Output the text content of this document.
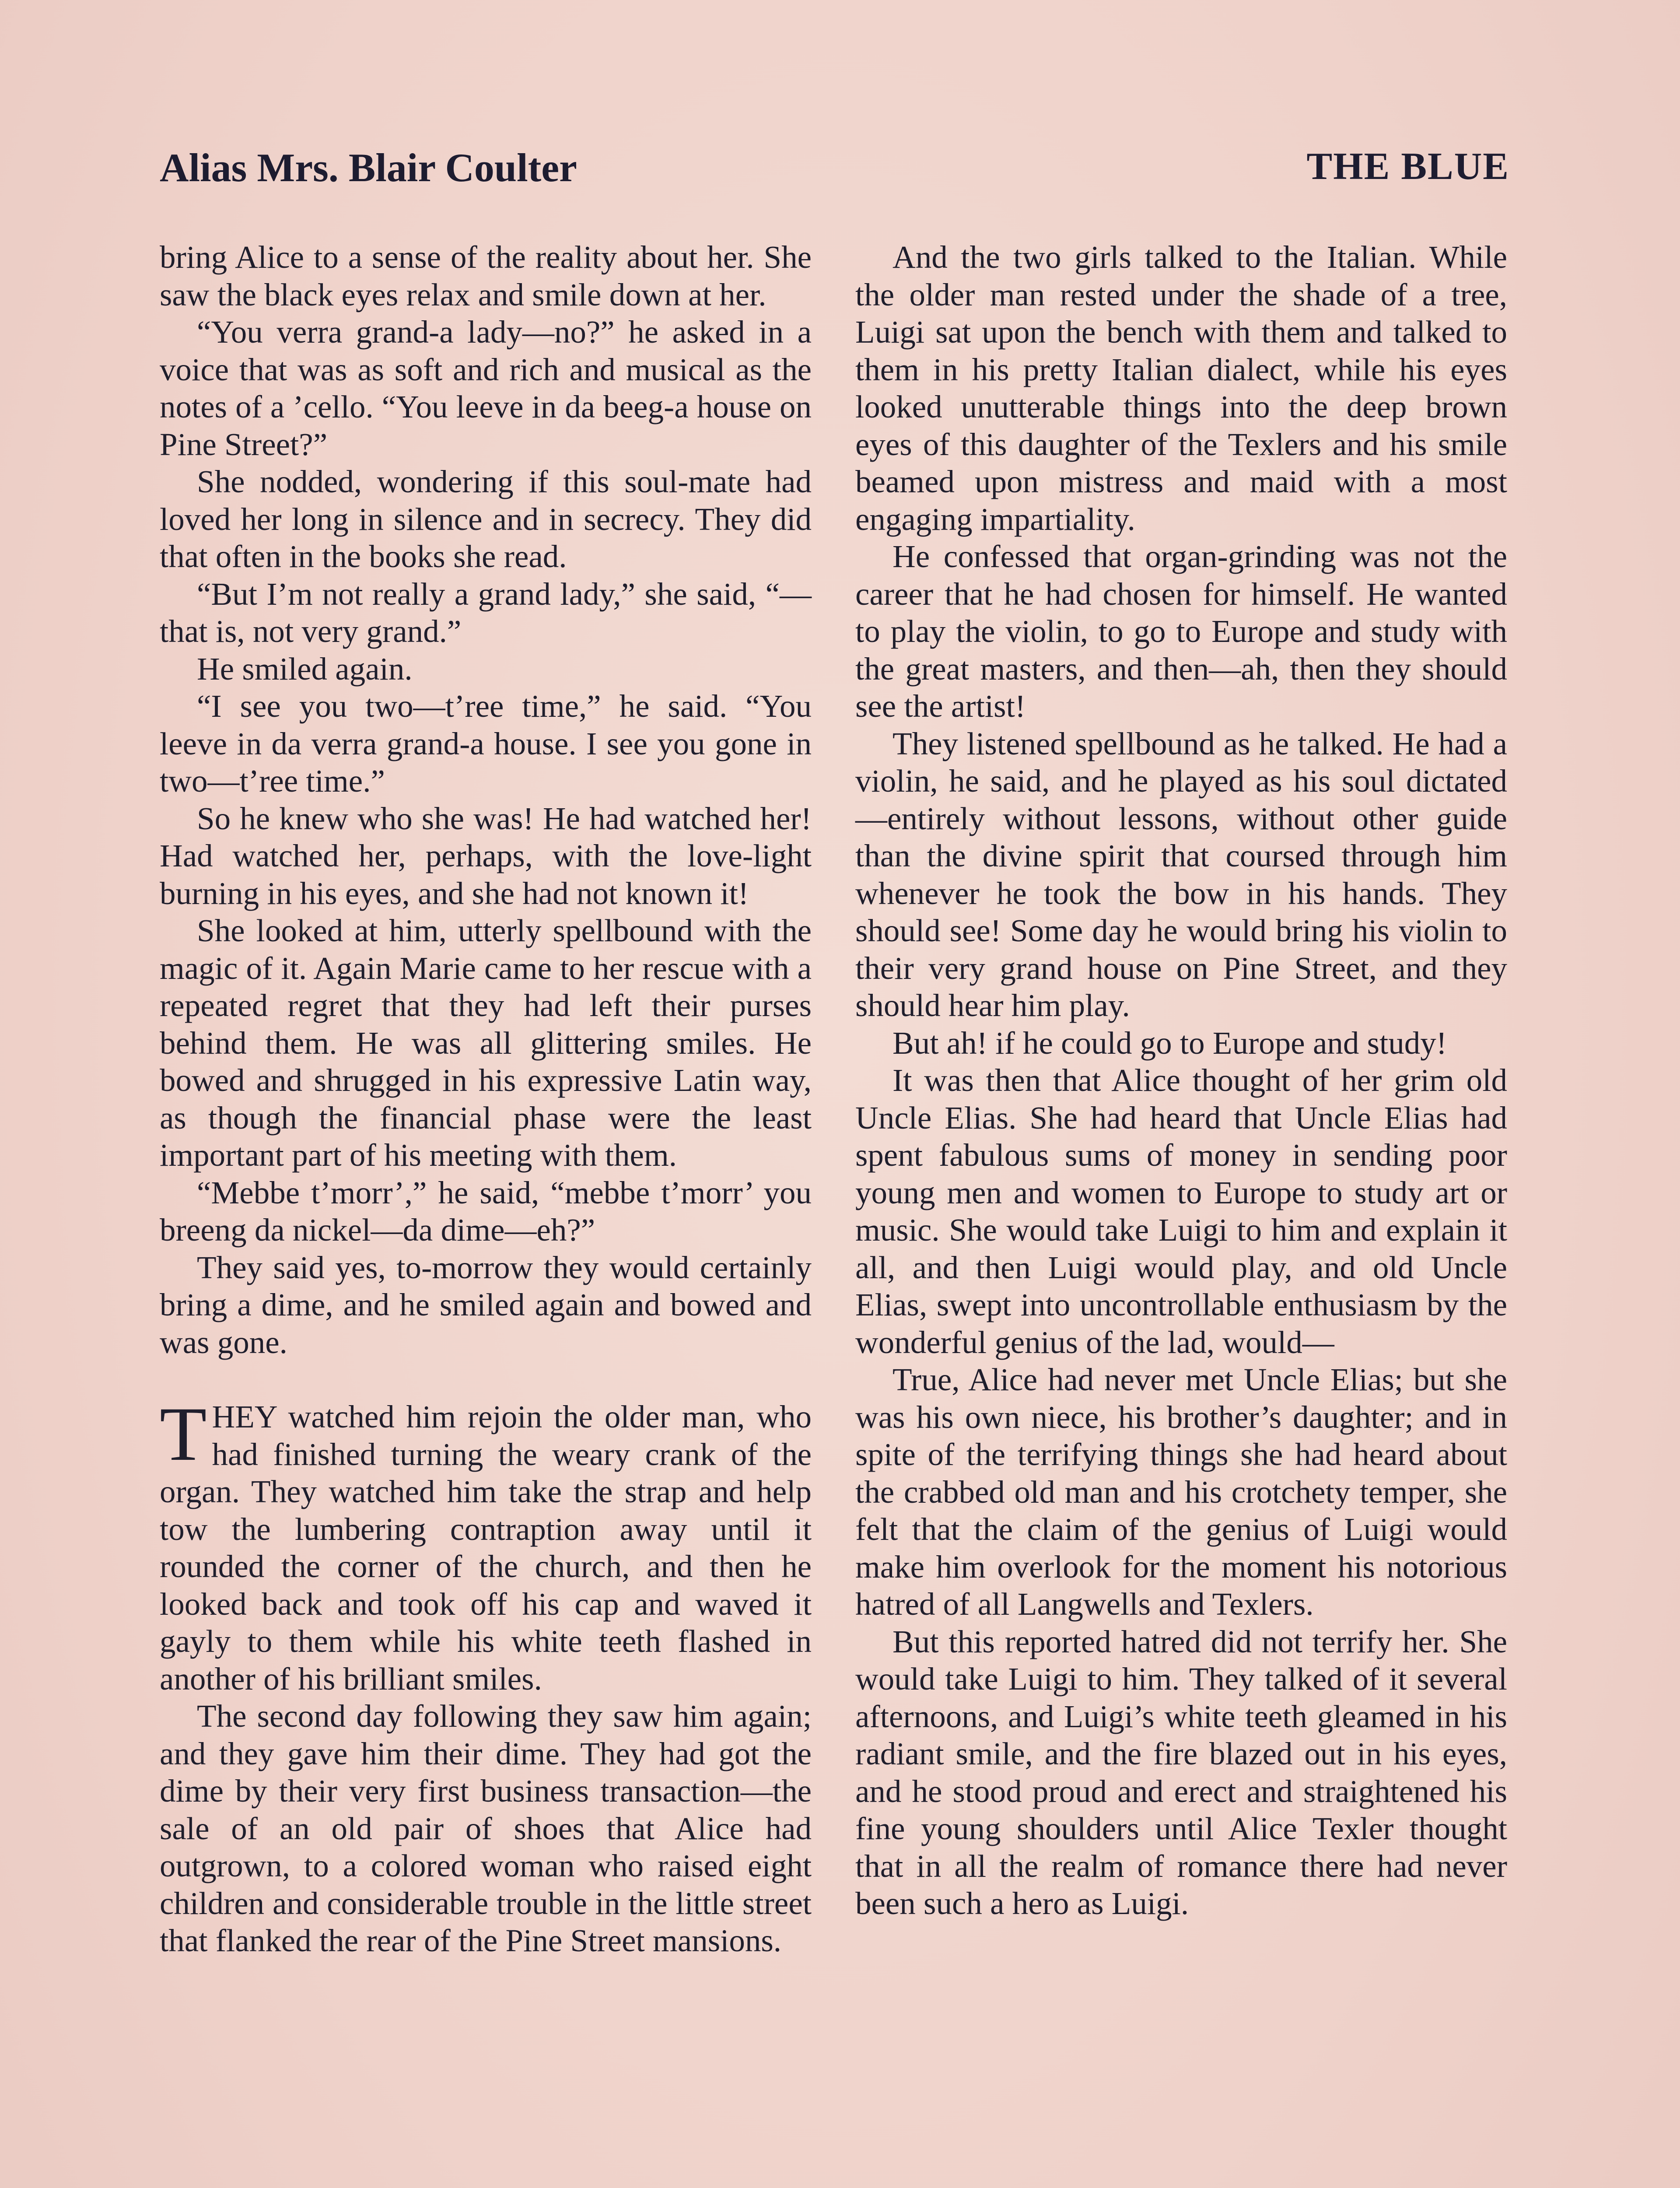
Alias Mrs. Blair Coulter	THE BLUE

bring Alice to a sense of the reality about her. She saw the black eyes relax and smile down at her.

“You verra grand-a lady—no?” he asked in a voice that was as soft and rich and musical as the notes of a ’cello. “You leeve in da beeg-a house on Pine Street?”

She nodded, wondering if this soul-mate had loved her long in silence and in secrecy. They did that often in the books she read.

“But I’m not really a grand lady,” she said, “—that is, not very grand.”

He smiled again.

“I see you two—t’ree time,” he said. “You leeve in da verra grand-a house. I see you gone in two—t’ree time.”

So he knew who she was! He had watched her! Had watched her, perhaps, with the love-light burning in his eyes, and she had not known it!

She looked at him, utterly spellbound with the magic of it. Again Marie came to her rescue with a repeated regret that they had left their purses behind them. He was all glittering smiles. He bowed and shrugged in his expressive Latin way, as though the financial phase were the least important part of his meeting with them.

“Mebbe t’morr’,” he said, “mebbe t’morr’ you breeng da nickel—da dime—eh?”

They said yes, to-morrow they would certainly bring a dime, and he smiled again and bowed and was gone.

THEY watched him rejoin the older man, who had finished turning the weary crank of the organ. They watched him take the strap and help tow the lumbering contraption away until it rounded the corner of the church, and then he looked back and took off his cap and waved it gayly to them while his white teeth flashed in another of his brilliant smiles.

The second day following they saw him again; and they gave him their dime. They had got the dime by their very first business transaction—the sale of an old pair of shoes that Alice had outgrown, to a colored woman who raised eight children and considerable trouble in the little street that flanked the rear of the Pine Street mansions.

And the two girls talked to the Italian. While the older man rested under the shade of a tree, Luigi sat upon the bench with them and talked to them in his pretty Italian dialect, while his eyes looked unutterable things into the deep brown eyes of this daughter of the Texlers and his smile beamed upon mistress and maid with a most engaging impartiality.

He confessed that organ-grinding was not the career that he had chosen for himself. He wanted to play the violin, to go to Europe and study with the great masters, and then—ah, then they should see the artist!

They listened spellbound as he talked. He had a violin, he said, and he played as his soul dictated—entirely without lessons, without other guide than the divine spirit that coursed through him whenever he took the bow in his hands. They should see! Some day he would bring his violin to their very grand house on Pine Street, and they should hear him play.

But ah! if he could go to Europe and study!

It was then that Alice thought of her grim old Uncle Elias. She had heard that Uncle Elias had spent fabulous sums of money in sending poor young men and women to Europe to study art or music. She would take Luigi to him and explain it all, and then Luigi would play, and old Uncle Elias, swept into uncontrollable enthusiasm by the wonderful genius of the lad, would—

True, Alice had never met Uncle Elias; but she was his own niece, his brother’s daughter; and in spite of the terrifying things she had heard about the crabbed old man and his crotchety temper, she felt that the claim of the genius of Luigi would make him overlook for the moment his notorious hatred of all Langwells and Texlers.

But this reported hatred did not terrify her. She would take Luigi to him. They talked of it several afternoons, and Luigi’s white teeth gleamed in his radiant smile, and the fire blazed out in his eyes, and he stood proud and erect and straightened his fine young shoulders until Alice Texler thought that in all the realm of romance there had never been such a hero as Luigi.
